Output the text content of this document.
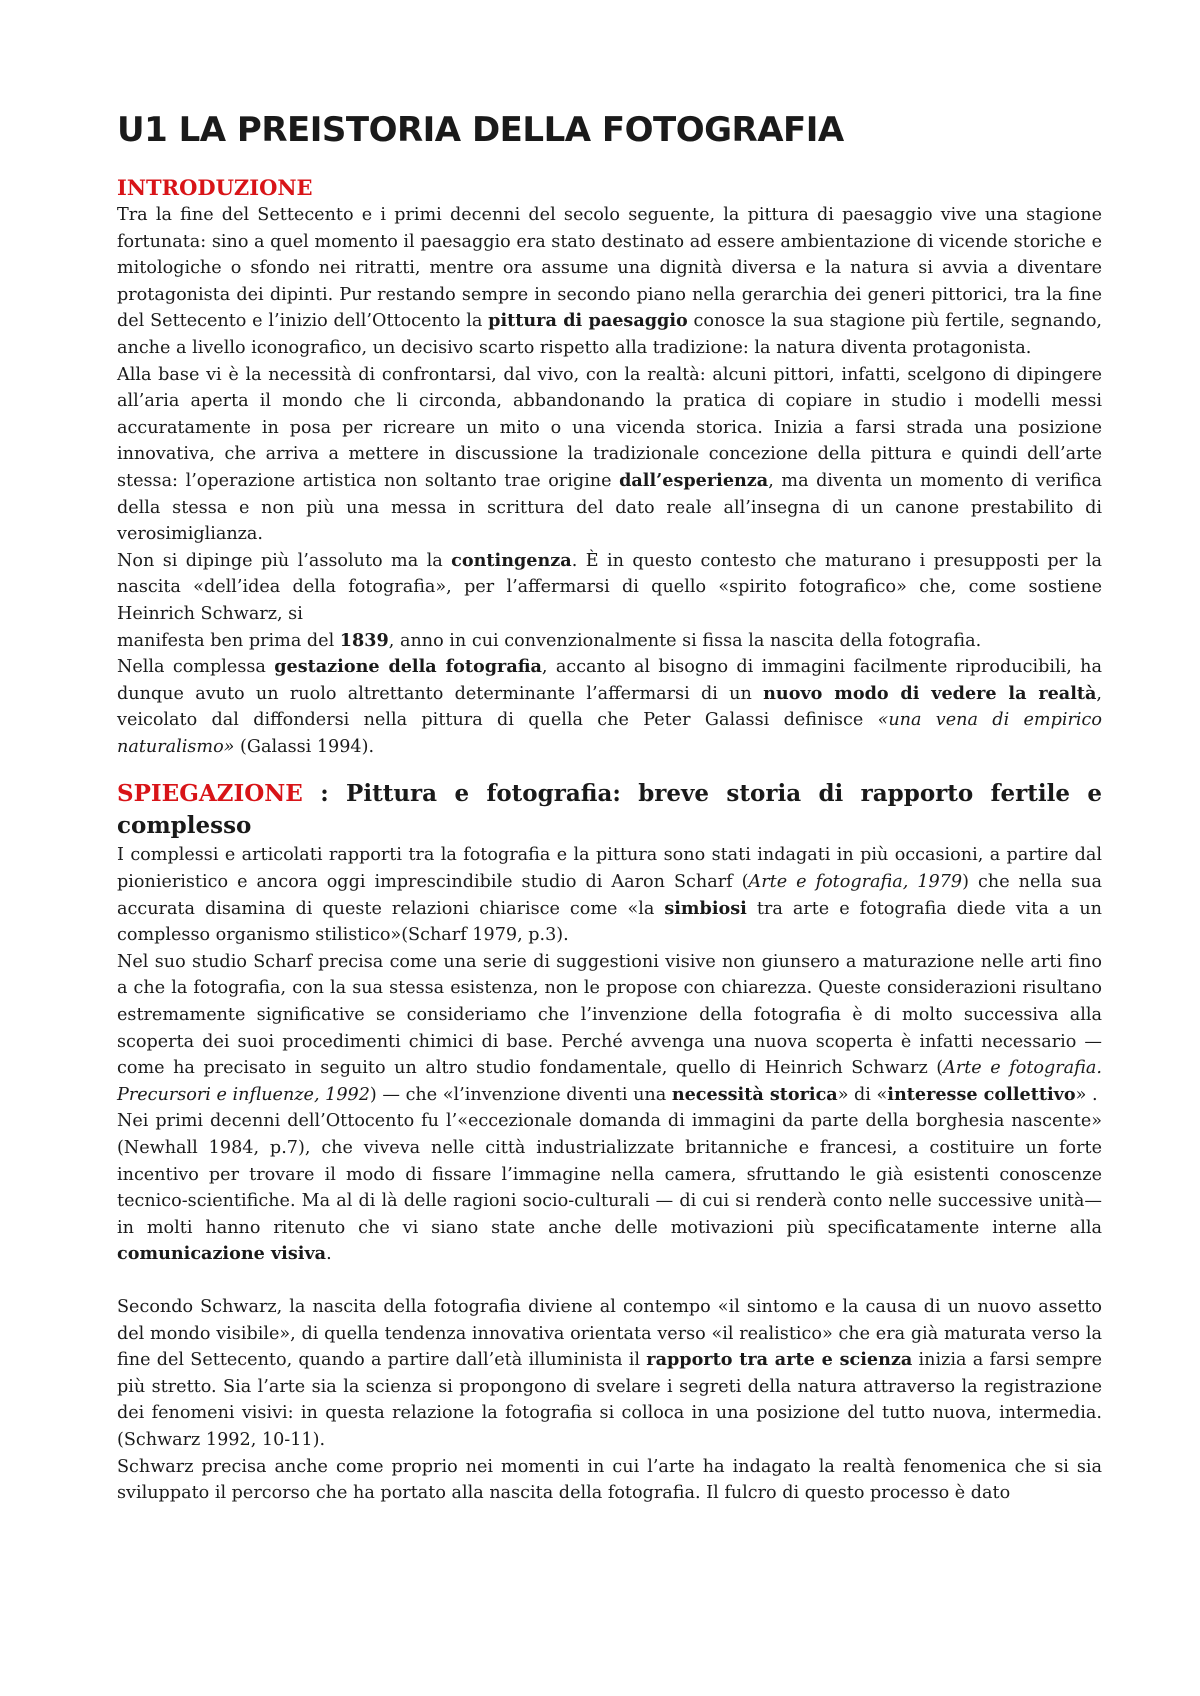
U1 LA PREISTORIA DELLA FOTOGRAFIA
INTRODUZIONE

Tra la fine del Settecento e i primi decenni del secolo seguente, la pittura di paesaggio vive una stagione fortunata: sino a quel momento il paesaggio era stato destinato ad essere ambientazione di vicende storiche e mitologiche o sfondo nei ritratti, mentre ora assume una dignità diversa e la natura si avvia a diventare protagonista dei dipinti. Pur restando sempre in secondo piano nella gerarchia dei generi pittorici, tra la fine del Settecento e l’inizio dell’Ottocento la pittura di paesaggio conosce la sua stagione più fertile, segnando, anche a livello iconografico, un decisivo scarto rispetto alla tradizione: la natura diventa protagonista.

Alla base vi è la necessità di confrontarsi, dal vivo, con la realtà: alcuni pittori, infatti, scelgono di dipingere all’aria aperta il mondo che li circonda, abbandonando la pratica di copiare in studio i modelli messi accuratamente in posa per ricreare un mito o una vicenda storica. Inizia a farsi strada una posizione innovativa, che arriva a mettere in discussione la tradizionale concezione della pittura e quindi dell’arte stessa: l’operazione artistica non soltanto trae origine dall’esperienza, ma diventa un momento di verifica della stessa e non più una messa in scrittura del dato reale all’insegna di un canone prestabilito di verosimiglianza.

Non si dipinge più l’assoluto ma la contingenza. È in questo contesto che maturano i presupposti per la nascita «dell’idea della fotografia», per l’affermarsi di quello «spirito fotografico» che, come sostiene Heinrich Schwarz, si

manifesta ben prima del 1839, anno in cui convenzionalmente si fissa la nascita della fotografia.

Nella complessa gestazione della fotografia, accanto al bisogno di immagini facilmente riproducibili, ha dunque avuto un ruolo altrettanto determinante l’affermarsi di un nuovo modo di vedere la realtà, veicolato dal diffondersi nella pittura di quella che Peter Galassi definisce «una vena di empirico naturalismo» (Galassi 1994).

SPIEGAZIONE : Pittura e fotografia: breve storia di rapporto fertile e complesso

I complessi e articolati rapporti tra la fotografia e la pittura sono stati indagati in più occasioni, a partire dal pionieristico e ancora oggi imprescindibile studio di Aaron Scharf (Arte e fotografia, 1979) che nella sua accurata disamina di queste relazioni chiarisce come «la simbiosi tra arte e fotografia diede vita a un complesso organismo stilistico»(Scharf 1979, p.3).

Nel suo studio Scharf precisa come una serie di suggestioni visive non giunsero a maturazione nelle arti fino a che la fotografia, con la sua stessa esistenza, non le propose con chiarezza. Queste considerazioni risultano estremamente significative se consideriamo che l’invenzione della fotografia è di molto successiva alla scoperta dei suoi procedimenti chimici di base. Perché avvenga una nuova scoperta è infatti necessario — come ha precisato in seguito un altro studio fondamentale, quello di Heinrich Schwarz (Arte e fotografia. Precursori e influenze, 1992) — che «l’invenzione diventi una necessità storica» di «interesse collettivo» .

Nei primi decenni dell’Ottocento fu l’«eccezionale domanda di immagini da parte della borghesia nascente» (Newhall 1984, p.7), che viveva nelle città industrializzate britanniche e francesi, a costituire un forte incentivo per trovare il modo di fissare l’immagine nella camera, sfruttando le già esistenti conoscenze tecnico-scientifiche. Ma al di là delle ragioni socio-culturali — di cui si renderà conto nelle successive unità— in molti hanno ritenuto che vi siano state anche delle motivazioni più specificatamente interne alla comunicazione visiva.

Secondo Schwarz, la nascita della fotografia diviene al contempo «il sintomo e la causa di un nuovo assetto del mondo visibile», di quella tendenza innovativa orientata verso «il realistico» che era già maturata verso la fine del Settecento, quando a partire dall’età illuminista il rapporto tra arte e scienza inizia a farsi sempre più stretto. Sia l’arte sia la scienza si propongono di svelare i segreti della natura attraverso la registrazione dei fenomeni visivi: in questa relazione la fotografia si colloca in una posizione del tutto nuova, intermedia. (Schwarz 1992, 10-11).

Schwarz precisa anche come proprio nei momenti in cui l’arte ha indagato la realtà fenomenica che si sia sviluppato il percorso che ha portato alla nascita della fotografia. Il fulcro di questo processo è dato
